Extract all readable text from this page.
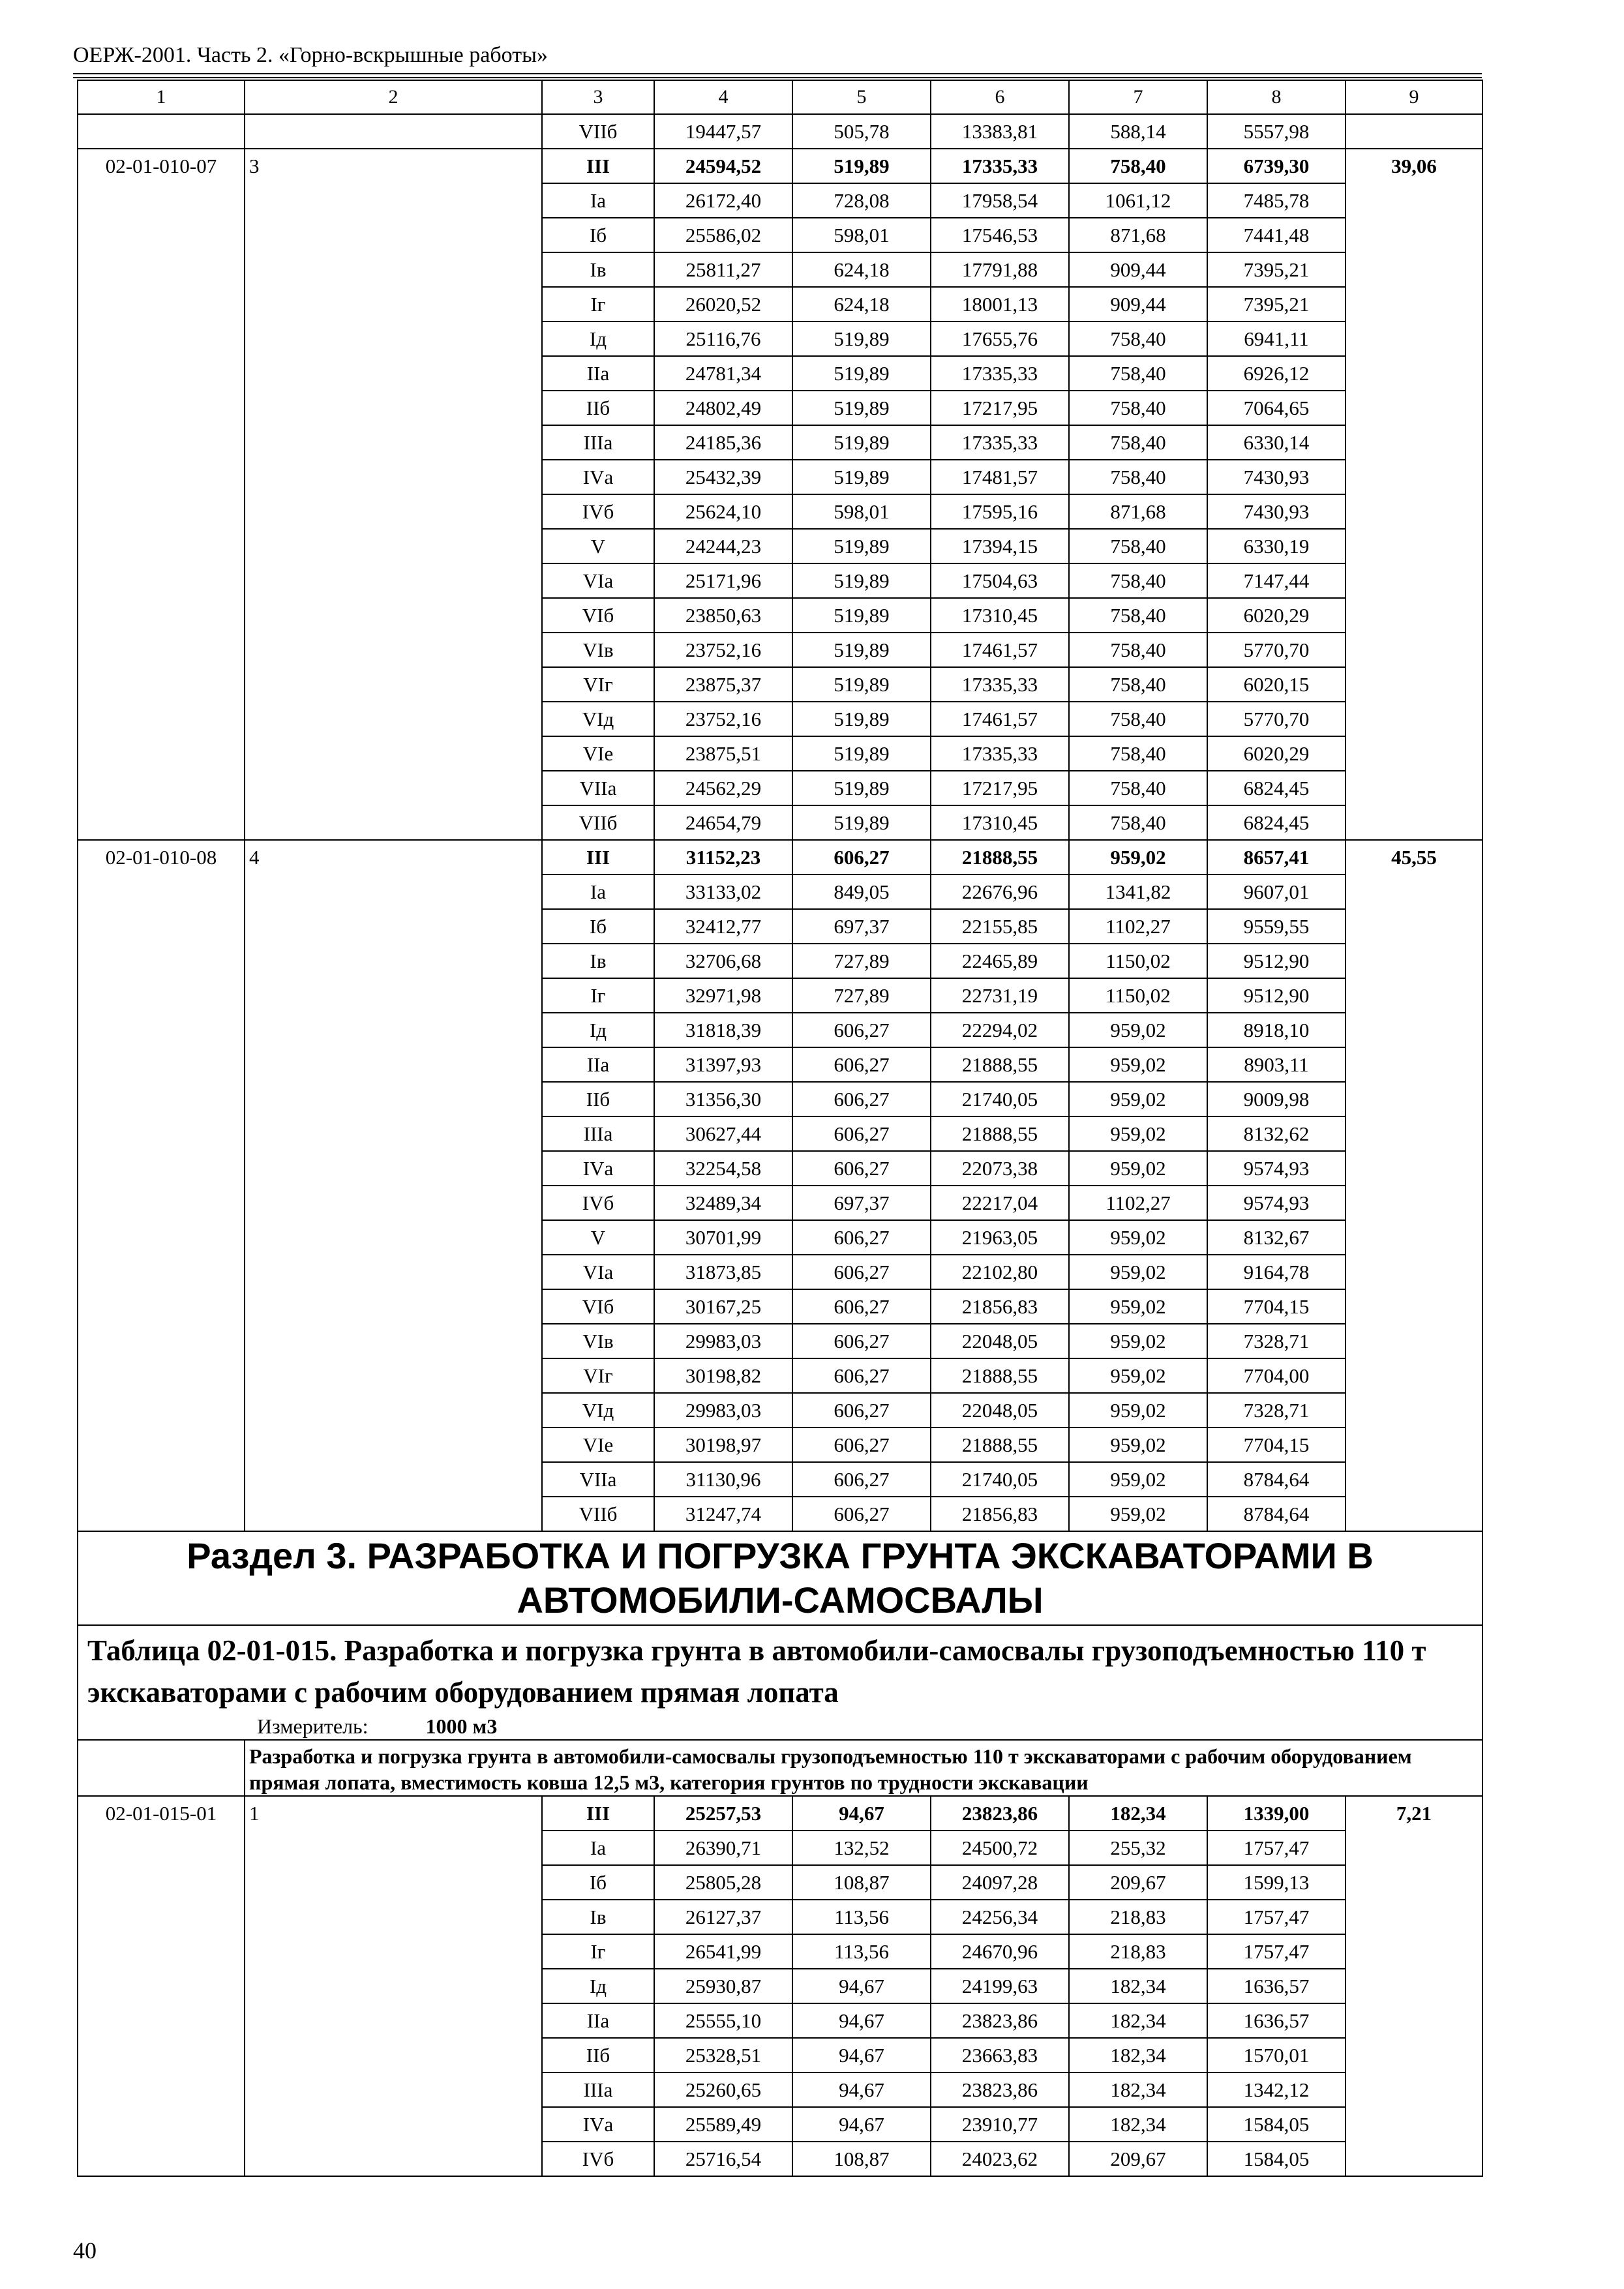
ОЕРЖ-2001. Часть 2. «Горно-вскрышные работы»
1	2	3	4	5	6	7	8	9
		VIIб	19447,57	505,78	13383,81	588,14	5557,98	
02-01-010-07	3	III	24594,52	519,89	17335,33	758,40	6739,30	39,06
		Iа	26172,40	728,08	17958,54	1061,12	7485,78	
		Iб	25586,02	598,01	17546,53	871,68	7441,48	
		Iв	25811,27	624,18	17791,88	909,44	7395,21	
		Iг	26020,52	624,18	18001,13	909,44	7395,21	
		Iд	25116,76	519,89	17655,76	758,40	6941,11	
		IIа	24781,34	519,89	17335,33	758,40	6926,12	
		IIб	24802,49	519,89	17217,95	758,40	7064,65	
		IIIа	24185,36	519,89	17335,33	758,40	6330,14	
		IVа	25432,39	519,89	17481,57	758,40	7430,93	
		IVб	25624,10	598,01	17595,16	871,68	7430,93	
		V	24244,23	519,89	17394,15	758,40	6330,19	
		VIа	25171,96	519,89	17504,63	758,40	7147,44	
		VIб	23850,63	519,89	17310,45	758,40	6020,29	
		VIв	23752,16	519,89	17461,57	758,40	5770,70	
		VIг	23875,37	519,89	17335,33	758,40	6020,15	
		VIд	23752,16	519,89	17461,57	758,40	5770,70	
		VIе	23875,51	519,89	17335,33	758,40	6020,29	
		VIIа	24562,29	519,89	17217,95	758,40	6824,45	
		VIIб	24654,79	519,89	17310,45	758,40	6824,45	
02-01-010-08	4	III	31152,23	606,27	21888,55	959,02	8657,41	45,55
		Iа	33133,02	849,05	22676,96	1341,82	9607,01	
		Iб	32412,77	697,37	22155,85	1102,27	9559,55	
		Iв	32706,68	727,89	22465,89	1150,02	9512,90	
		Iг	32971,98	727,89	22731,19	1150,02	9512,90	
		Iд	31818,39	606,27	22294,02	959,02	8918,10	
		IIа	31397,93	606,27	21888,55	959,02	8903,11	
		IIб	31356,30	606,27	21740,05	959,02	9009,98	
		IIIа	30627,44	606,27	21888,55	959,02	8132,62	
		IVа	32254,58	606,27	22073,38	959,02	9574,93	
		IVб	32489,34	697,37	22217,04	1102,27	9574,93	
		V	30701,99	606,27	21963,05	959,02	8132,67	
		VIа	31873,85	606,27	22102,80	959,02	9164,78	
		VIб	30167,25	606,27	21856,83	959,02	7704,15	
		VIв	29983,03	606,27	22048,05	959,02	7328,71	
		VIг	30198,82	606,27	21888,55	959,02	7704,00	
		VIд	29983,03	606,27	22048,05	959,02	7328,71	
		VIе	30198,97	606,27	21888,55	959,02	7704,15	
		VIIа	31130,96	606,27	21740,05	959,02	8784,64	
		VIIб	31247,74	606,27	21856,83	959,02	8784,64	
Раздел 3. РАЗРАБОТКА И ПОГРУЗКА ГРУНТА ЭКСКАВАТОРАМИ В АВТОМОБИЛИ-САМОСВАЛЫ								

Таблица 02-01-015. Разработка и погрузка грунта в автомобили-самосвалы грузоподъемностью 110 т экскаваторами с рабочим оборудованием прямая лопата
Измеритель: 1000 м3								

	Разработка и погрузка грунта в автомобили-самосвалы грузоподъемностью 110 т экскаваторами с рабочим оборудованием прямая лопата, вместимость ковша 12,5 м3, категория грунтов по трудности экскавации							
02-01-015-01	1	III	25257,53	94,67	23823,86	182,34	1339,00	7,21
		Iа	26390,71	132,52	24500,72	255,32	1757,47	
		Iб	25805,28	108,87	24097,28	209,67	1599,13	
		Iв	26127,37	113,56	24256,34	218,83	1757,47	
		Iг	26541,99	113,56	24670,96	218,83	1757,47	
		Iд	25930,87	94,67	24199,63	182,34	1636,57	
		IIа	25555,10	94,67	23823,86	182,34	1636,57	
		IIб	25328,51	94,67	23663,83	182,34	1570,01	
		IIIа	25260,65	94,67	23823,86	182,34	1342,12	
		IVа	25589,49	94,67	23910,77	182,34	1584,05	
		IVб	25716,54	108,87	24023,62	209,67	1584,05	
40
